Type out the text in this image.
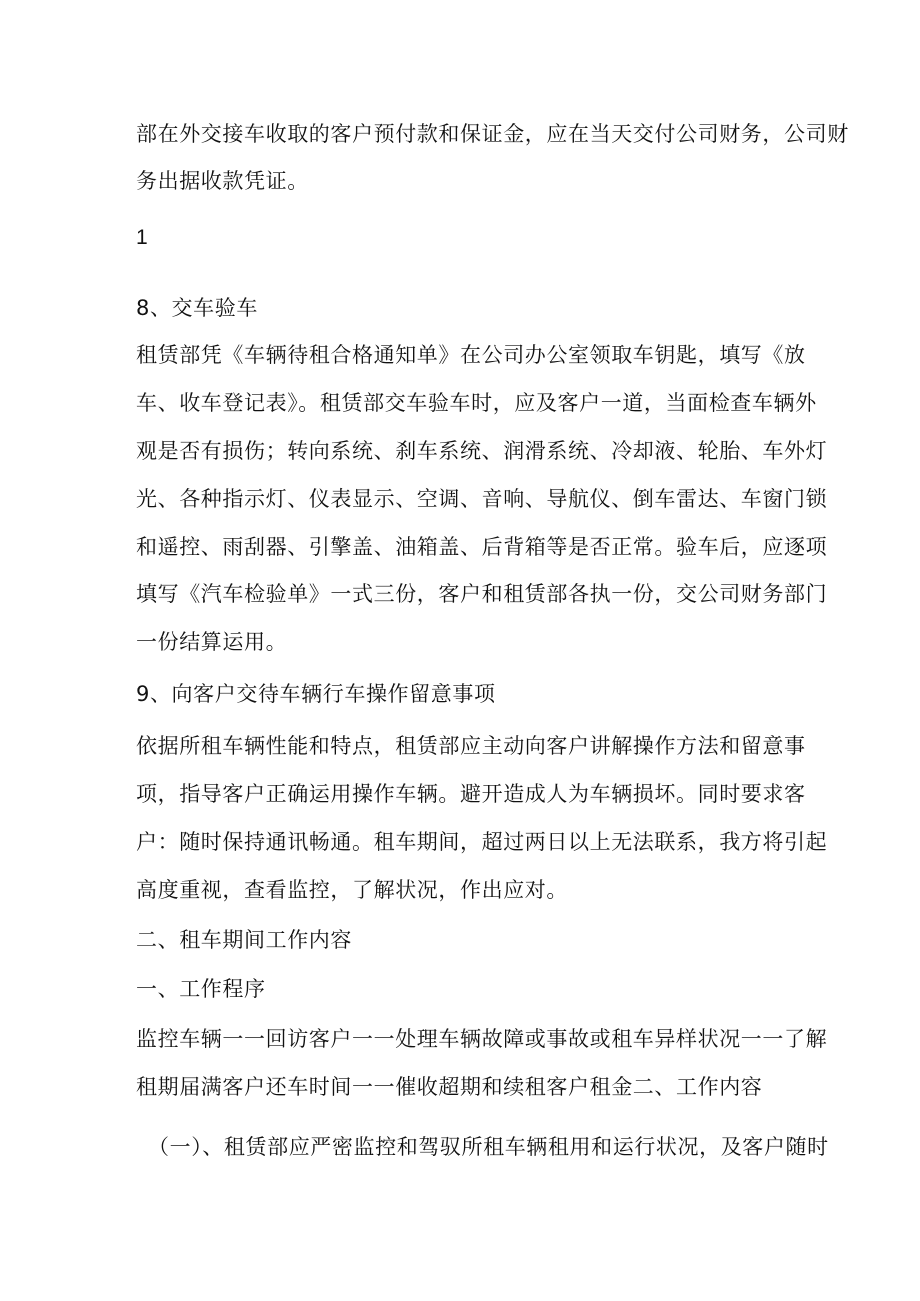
部在外交接车收取的客户预付款和保证金，应在当天交付公司财务，公司财
务出据收款凭证。
1
8、交车验车
租赁部凭《车辆待租合格通知单》在公司办公室领取车钥匙，填写《放
车、收车登记表》。租赁部交车验车时，应及客户一道，当面检查车辆外
观是否有损伤；转向系统、刹车系统、润滑系统、冷却液、轮胎、车外灯
光、各种指示灯、仪表显示、空调、音响、导航仪、倒车雷达、车窗门锁
和遥控、雨刮器、引擎盖、油箱盖、后背箱等是否正常。验车后，应逐项
填写《汽车检验单》一式三份，客户和租赁部各执一份，交公司财务部门
一份结算运用。
9、向客户交待车辆行车操作留意事项
依据所租车辆性能和特点，租赁部应主动向客户讲解操作方法和留意事
项，指导客户正确运用操作车辆。避开造成人为车辆损坏。同时要求客
户：随时保持通讯畅通。租车期间，超过两日以上无法联系，我方将引起
高度重视，查看监控，了解状况，作出应对。
二、租车期间工作内容
一、工作程序
监控车辆一一回访客户一一处理车辆故障或事故或租车异样状况一一了解
租期届满客户还车时间一一催收超期和续租客户租金二、工作内容
（一）、租赁部应严密监控和驾驭所租车辆租用和运行状况，及客户随时
